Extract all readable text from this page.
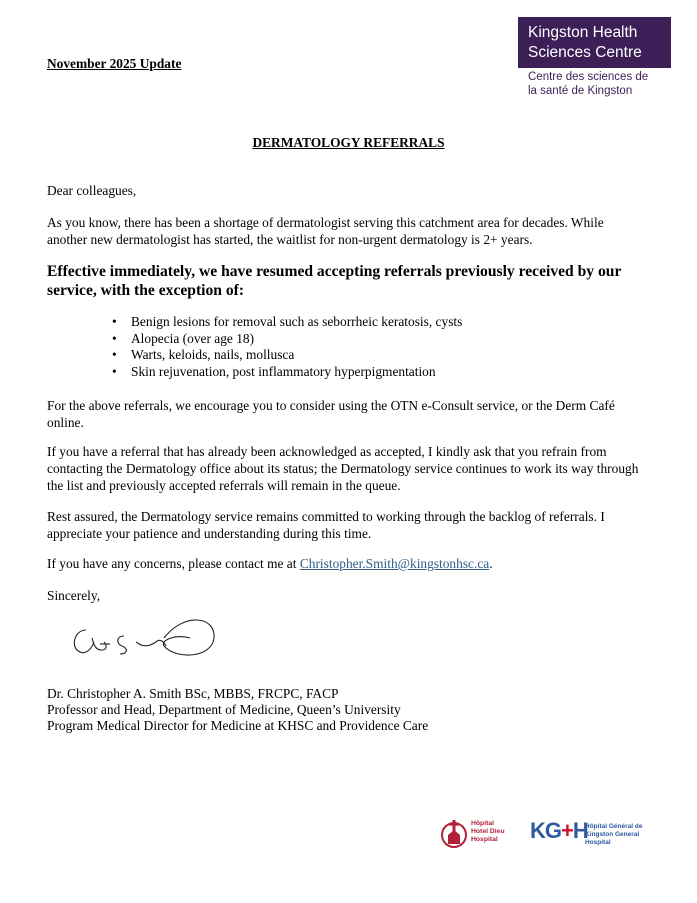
November 2025 Update
Kingston Health
Sciences Centre
Centre des sciences de
la santé de Kingston
DERMATOLOGY REFERRALS
Dear colleagues,
As you know, there has been a shortage of dermatologist serving this catchment area for decades. While another new dermatologist has started, the waitlist for non-urgent dermatology is 2+ years.
Effective immediately, we have resumed accepting referrals previously received by our service, with the exception of:
• Benign lesions for removal such as seborrheic keratosis, cysts
• Alopecia (over age 18)
• Warts, keloids, nails, mollusca
• Skin rejuvenation, post inflammatory hyperpigmentation
For the above referrals, we encourage you to consider using the OTN e-Consult service, or the Derm Café online.
If you have a referral that has already been acknowledged as accepted, I kindly ask that you refrain from contacting the Dermatology office about its status; the Dermatology service continues to work its way through the list and previously accepted referrals will remain in the queue.
Rest assured, the Dermatology service remains committed to working through the backlog of referrals. I appreciate your patience and understanding during this time.
If you have any concerns, please contact me at Christopher.Smith@kingstonhsc.ca.
Sincerely,
Dr. Christopher A. Smith BSc, MBBS, FRCPC, FACP
Professor and Head, Department of Medicine, Queen’s University
Program Medical Director for Medicine at KHSC and Providence Care
Hôpital
Hotel Dieu
Hospital	KG+H
Hôpital Général de
Kingston General
Hospital
